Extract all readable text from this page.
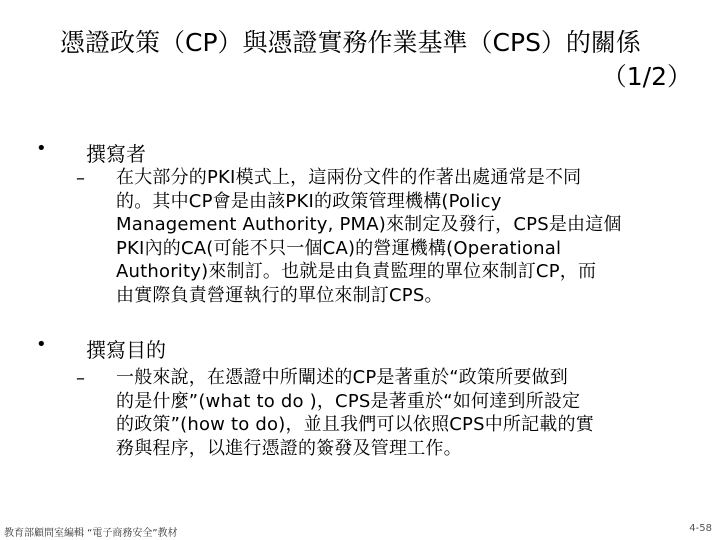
憑證政策（CP）與憑證實務作業基準（CPS）的關係
（1/2）
• 撰寫者
– 在大部分的PKI模式上，這兩份文件的作著出處通常是不同
的。其中CP會是由該PKI的政策管理機構(Policy
Management Authority, PMA)來制定及發行，CPS是由這個
PKI內的CA(可能不只一個CA)的營運機構(Operational
Authority)來制訂。也就是由負責監理的單位來制訂CP，而
由實際負責營運執行的單位來制訂CPS。
• 撰寫目的
– 一般來說，在憑證中所闡述的CP是著重於“政策所要做到
的是什麼”(what to do )，CPS是著重於“如何達到所設定
的政策”(how to do)，並且我們可以依照CPS中所記載的實
務與程序，以進行憑證的簽發及管理工作。
教育部顧問室編輯 “電子商務安全”教材	4-58
